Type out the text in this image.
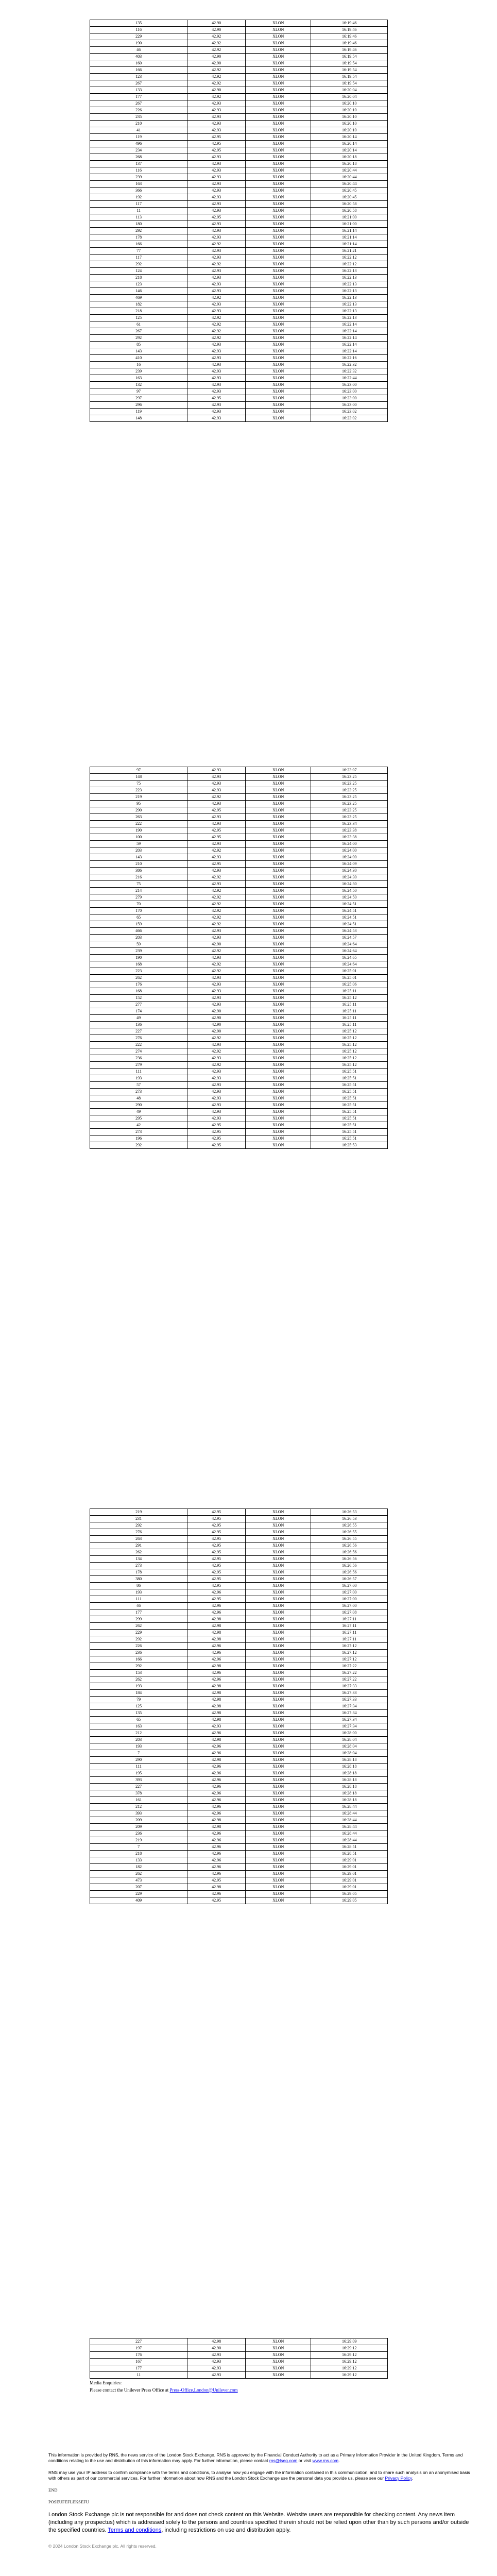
135	42.90	XLON	16:19:46
116	42.90	XLON	16:19:46
229	42.92	XLON	16:19:46
190	42.92	XLON	16:19:46
46	42.92	XLON	16:19:46
403	42.90	XLON	16:19:54
160	42.90	XLON	16:19:54
166	42.92	XLON	16:19:54
123	42.92	XLON	16:19:54
267	42.92	XLON	16:19:54
133	42.90	XLON	16:20:04
177	42.92	XLON	16:20:04
267	42.93	XLON	16:20:10
226	42.93	XLON	16:20:10
235	42.93	XLON	16:20:10
210	42.93	XLON	16:20:10
41	42.93	XLON	16:20:10
119	42.95	XLON	16:20:14
496	42.95	XLON	16:20:14
234	42.95	XLON	16:20:14
268	42.93	XLON	16:20:18
137	42.93	XLON	16:20:18
116	42.93	XLON	16:20:44
239	42.93	XLON	16:20:44
163	42.93	XLON	16:20:44
366	42.93	XLON	16:20:45
192	42.93	XLON	16:20:45
117	42.93	XLON	16:20:58
11	42.93	XLON	16:20:58
113	42.95	XLON	16:21:00
180	42.93	XLON	16:21:00
292	42.93	XLON	16:21:14
178	42.93	XLON	16:21:14
166	42.92	XLON	16:21:14
77	42.93	XLON	16:21:21
117	42.93	XLON	16:22:12
292	42.92	XLON	16:22:12
124	42.93	XLON	16:22:13
218	42.93	XLON	16:22:13
123	42.93	XLON	16:22:13
146	42.93	XLON	16:22:13
469	42.92	XLON	16:22:13
182	42.93	XLON	16:22:13
218	42.93	XLON	16:22:13
125	42.92	XLON	16:22:13
61	42.92	XLON	16:22:14
267	42.92	XLON	16:22:14
292	42.92	XLON	16:22:14
85	42.93	XLON	16:22:14
143	42.93	XLON	16:22:14
410	42.93	XLON	16:22:16
16	42.93	XLON	16:22:32
239	42.93	XLON	16:22:32
163	42.93	XLON	16:22:44
132	42.93	XLON	16:23:00
97	42.93	XLON	16:23:00
297	42.95	XLON	16:23:00
296	42.93	XLON	16:23:00
119	42.93	XLON	16:23:02
148	42.93	XLON	16:23:02
97	42.93	XLON	16:23:07
148	42.93	XLON	16:23:25
75	42.93	XLON	16:23:25
223	42.93	XLON	16:23:25
219	42.92	XLON	16:23:25
95	42.93	XLON	16:23:25
290	42.95	XLON	16:23:25
263	42.93	XLON	16:23:25
222	42.93	XLON	16:23:34
190	42.95	XLON	16:23:38
100	42.95	XLON	16:23:38
59	42.93	XLON	16:24:00
203	42.92	XLON	16:24:00
143	42.93	XLON	16:24:00
210	42.95	XLON	16:24:09
386	42.93	XLON	16:24:30
216	42.92	XLON	16:24:30
75	42.93	XLON	16:24:30
214	42.92	XLON	16:24:50
279	42.92	XLON	16:24:50
70	42.92	XLON	16:24:51
170	42.92	XLON	16:24:51
65	42.92	XLON	16:24:51
159	42.92	XLON	16:24:51
466	42.93	XLON	16:24:53
203	42.93	XLON	16:24:57
59	42.90	XLON	16:24:64
239	42.92	XLON	16:24:64
190	42.93	XLON	16:24:65
168	42.92	XLON	16:24:64
223	42.92	XLON	16:25:01
262	42.93	XLON	16:25:01
176	42.93	XLON	16:25:06
168	42.93	XLON	16:25:11
152	42.93	XLON	16:25:12
277	42.93	XLON	16:25:11
174	42.90	XLON	16:25:11
49	42.90	XLON	16:25:11
136	42.90	XLON	16:25:11
227	42.90	XLON	16:25:12
276	42.92	XLON	16:25:12
222	42.93	XLON	16:25:12
274	42.92	XLON	16:25:12
236	42.93	XLON	16:25:12
279	42.92	XLON	16:25:12
111	42.93	XLON	16:25:51
193	42.93	XLON	16:25:51
57	42.93	XLON	16:25:51
273	42.93	XLON	16:25:51
48	42.93	XLON	16:25:51
290	42.93	XLON	16:25:51
49	42.93	XLON	16:25:51
295	42.93	XLON	16:25:51
42	42.95	XLON	16:25:51
273	42.95	XLON	16:25:51
196	42.95	XLON	16:25:51
292	42.95	XLON	16:25:53
219	42.95	XLON	16:26:53
231	42.95	XLON	16:26:53
292	42.95	XLON	16:26:55
276	42.95	XLON	16:26:55
263	42.95	XLON	16:26:55
291	42.95	XLON	16:26:56
262	42.95	XLON	16:26:56
134	42.95	XLON	16:26:56
273	42.95	XLON	16:26:56
178	42.95	XLON	16:26:56
380	42.95	XLON	16:26:57
86	42.95	XLON	16:27:00
193	42.96	XLON	16:27:00
111	42.95	XLON	16:27:00
46	42.96	XLON	16:27:00
177	42.96	XLON	16:27:08
299	42.98	XLON	16:27:11
262	42.98	XLON	16:27:11
229	42.98	XLON	16:27:11
292	42.98	XLON	16:27:11
226	42.96	XLON	16:27:12
236	42.96	XLON	16:27:12
166	42.96	XLON	16:27:12
292	42.98	XLON	16:27:22
153	42.96	XLON	16:27:22
262	42.96	XLON	16:27:22
193	42.98	XLON	16:27:33
184	42.98	XLON	16:27:33
79	42.98	XLON	16:27:33
125	42.98	XLON	16:27:34
135	42.98	XLON	16:27:34
65	42.98	XLON	16:27:34
163	42.93	XLON	16:27:34
212	42.96	XLON	16:28:00
203	42.98	XLON	16:28:04
193	42.96	XLON	16:28:04
7	42.96	XLON	16:28:04
290	42.98	XLON	16:28:18
111	42.96	XLON	16:28:18
195	42.96	XLON	16:28:18
393	42.96	XLON	16:28:18
227	42.96	XLON	16:28:18
378	42.96	XLON	16:28:18
161	42.96	XLON	16:28:18
212	42.96	XLON	16:28:44
393	42.96	XLON	16:28:44
209	42.98	XLON	16:28:44
209	42.98	XLON	16:28:44
236	42.96	XLON	16:28:44
219	42.96	XLON	16:28:44
7	42.96	XLON	16:28:51
218	42.96	XLON	16:28:51
133	42.96	XLON	16:29:01
182	42.96	XLON	16:29:01
262	42.96	XLON	16:29:01
473	42.95	XLON	16:29:01
207	42.98	XLON	16:29:01
229	42.96	XLON	16:29:05
409	42.95	XLON	16:29:05
227	42.98	XLON	16:29:09
197	42.90	XLON	16:29:12
176	42.93	XLON	16:29:12
167	42.93	XLON	16:29:12
177	42.93	XLON	16:29:12
11	42.93	XLON	16:29:12
Media Enquiries:
Please contact the Unilever Press Office at Press-Office.London@Unilever.com

This information is provided by RNS, the news service of the London Stock Exchange. RNS is approved by the Financial Conduct Authority to act as a Primary Information Provider in the United Kingdom. Terms and conditions relating to the use and distribution of this information may apply. For further information, please contact rns@lseg.com or visit www.rns.com.

RNS may use your IP address to confirm compliance with the terms and conditions, to analyse how you engage with the information contained in this communication, and to share such analysis on an anonymised basis with others as part of our commercial services. For further information about how RNS and the London Stock Exchange use the personal data you provide us, please see our Privacy Policy.

END

POSEUFEFLEKSEFU

London Stock Exchange plc is not responsible for and does not check content on this Website. Website users are responsible for checking content. Any news item (including any prospectus) which is addressed solely to the persons and countries specified therein should not be relied upon other than by such persons and/or outside the specified countries. Terms and conditions, including restrictions on use and distribution apply.

© 2024 London Stock Exchange plc. All rights reserved.
